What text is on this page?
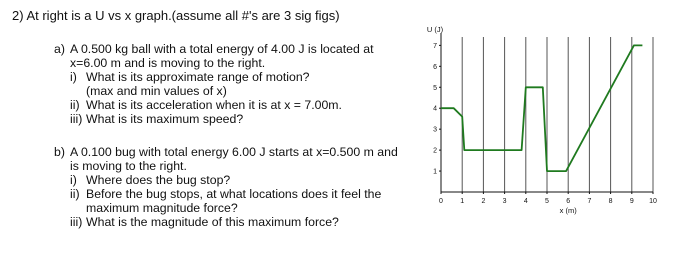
2) At right is a U vs x graph.(assume all #'s are 3 sig figs)
a) A 0.500 kg ball with a total energy of 4.00 J is located at
x=6.00 m and is moving to the right.
i) What is its approximate range of motion?
(max and min values of x)
ii) What is its acceleration when it is at x = 7.00m.
iii) What is its maximum speed?
b) A 0.100 bug with total energy 6.00 J starts at x=0.500 m and
is moving to the right.
i) Where does the bug stop?
ii) Before the bug stops, at what locations does it feel the
maximum magnitude force?
iii) What is the magnitude of this maximum force?
1
2
3
4
5
6
7
0 1 2 3 4 5 6 7 8 9 10
U (J)
x (m)
